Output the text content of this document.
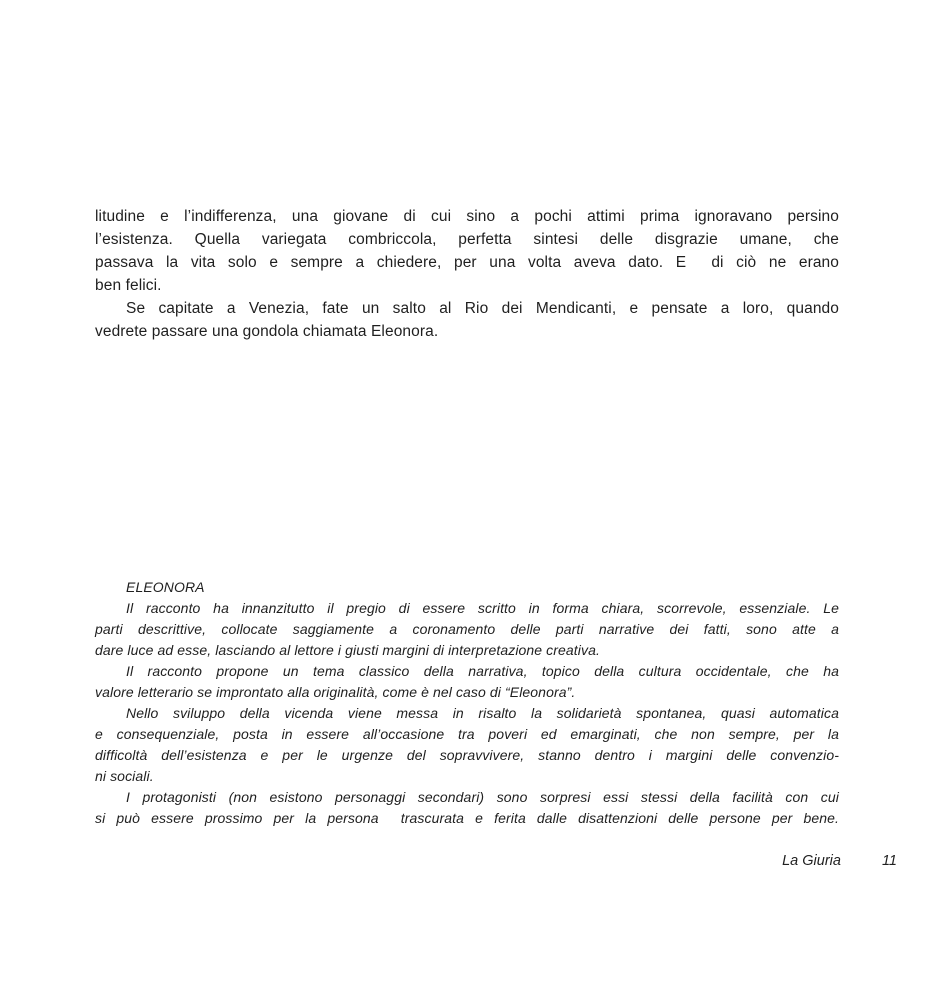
litudine e l’indifferenza, una giovane di cui sino a pochi attimi prima ignoravano persino
l’esistenza. Quella variegata combriccola, perfetta sintesi delle disgrazie umane, che
passava la vita solo e sempre a chiedere, per una volta aveva dato. E  di ciò ne erano
ben felici.
Se capitate a Venezia, fate un salto al Rio dei Mendicanti, e pensate a loro, quando
vedrete passare una gondola chiamata Eleonora.
ELEONORA
Il racconto ha innanzitutto il pregio di essere scritto in forma chiara, scorrevole, essenziale. Le
parti descrittive, collocate saggiamente a coronamento delle parti narrative dei fatti, sono atte a
dare luce ad esse, lasciando al lettore i giusti margini di interpretazione creativa.
Il racconto propone un tema classico della narrativa, topico della cultura occidentale, che ha
valore letterario se improntato alla originalità, come è nel caso di “Eleonora”.
Nello sviluppo della vicenda viene messa in risalto la solidarietà spontanea, quasi automatica
e consequenziale, posta in essere all’occasione tra poveri ed emarginati, che non sempre, per la
difficoltà dell’esistenza e per le urgenze del sopravvivere, stanno dentro i margini delle convenzio-
ni sociali.
I protagonisti (non esistono personaggi secondari) sono sorpresi essi stessi della facilità con cui
si può essere prossimo per la persona  trascurata e ferita dalle disattenzioni delle persone per bene.
La Giuria	11
